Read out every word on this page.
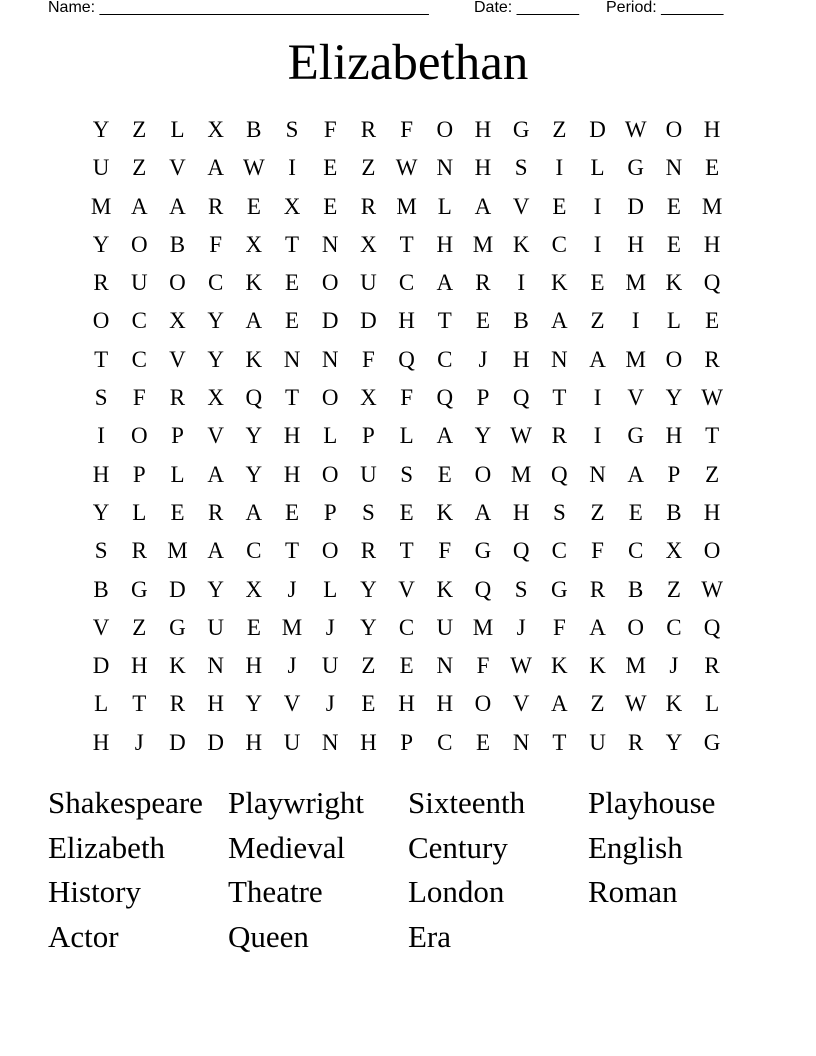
Name: _____________________________________	Date: _______ Period: _______
Elizabethan
Y Z	L X B	S	F	R	F	O H G Z D W O H
U Z V A W	I	E	Z W N H	S	I	L G N E
M A A R	E X E	R M L A V E	I	D E M
Y O B	F	X T N X T H M K C	I	H E H
R U O C K E O U C A R	I	K E M K Q
O C X Y A E D D H T	E	B A Z	I	L	E
T	C V Y K N N	F	Q C	J	H N A M O R
S	F	R X Q T O X	F	Q	P	Q T	I	V Y W
I	O	P	V Y H L	P	L A Y W R	I	G H T
H	P	L A Y H O U	S	E O M Q N A	P	Z
Y L	E	R A E	P	S	E K A H	S	Z	E	B H
S	R M A C	T O R	T	F	G Q C	F	C X O
B G D Y X	J	L Y V K Q	S	G R B	Z W
V Z G U E M	J	Y C U M	J	F	A O C Q
D H K N H	J	U Z	E N	F W K K M	J	R
L	T	R H Y V	J	E H H O V A Z W K L
H	J	D D H U N H	P	C	E N T U R Y G
Shakespeare Playwright	Sixteenth	Playhouse
Elizabeth	Medieval	Century	English
History	Theatre	London	Roman
Actor	Queen	Era
